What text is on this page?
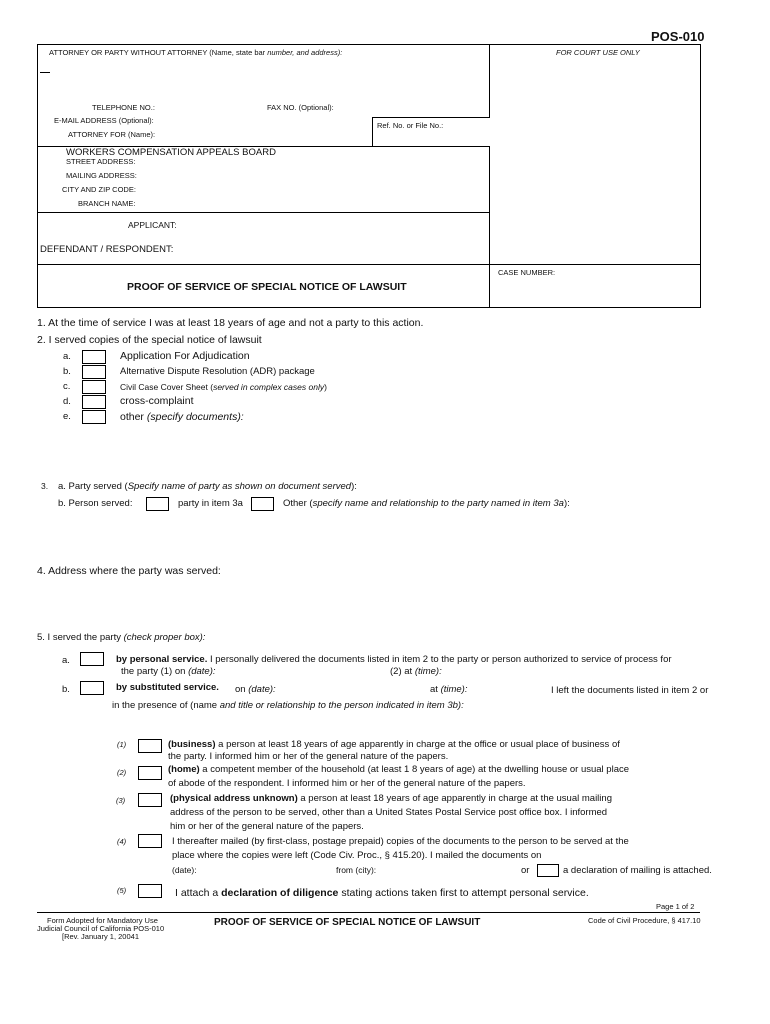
POS-010
ATTORNEY OR PARTY WITHOUT ATTORNEY (Name, state bar number, and address):	FOR COURT USE ONLY
TELEPHONE NO.:	FAX NO. (Optional):
E-MAIL ADDRESS (Optional):
Ref. No. or File No.:
ATTORNEY FOR (Name):
WORKERS COMPENSATION APPEALS BOARD
STREET ADDRESS:
MAILING ADDRESS:
CITY AND ZIP CODE:
BRANCH NAME:
APPLICANT:
DEFENDANT / RESPONDENT:
CASE NUMBER:
PROOF OF SERVICE OF SPECIAL NOTICE OF LAWSUIT
1. At the time of service I was at least 18 years of age and not a party to this action.
2. I served copies of the special notice of lawsuit
a.	Application For Adjudication
b.	Alternative Dispute Resolution (ADR) package
c.	Civil Case Cover Sheet (served in complex cases only)
d.	cross-complaint
e.	other (specify documents):
3. a. Party served (Specify name of party as shown on document served):
b. Person served:	party in item 3a	Other (specify name and relationship to the party named in item 3a):
4. Address where the party was served:
5. I served the party (check proper box):
a.	by personal service. I personally delivered the documents listed in item 2 to the party or person authorized to service of process for
the party (1) on (date):	(2) at (time):
b.	by substituted service. on (date):	at (time):	I left the documents listed in item 2 or
in the presence of (name and title or relationship to the person indicated in item 3b):
(1)	(business) a person at least 18 years of age apparently in charge at the office or usual place of business of
the party. I informed him or her of the general nature of the papers.
(2)	(home) a competent member of the household (at least 1 8 years of age) at the dwelling house or usual place
of abode of the respondent. I informed him or her of the general nature of the papers.
(3)	(physical address unknown) a person at least 18 years of age apparently in charge at the usual mailing
address of the person to be served, other than a United States Postal Service post office box. I informed
him or her of the general nature of the papers.
(4)	I thereafter mailed (by first-class, postage prepaid) copies of the documents to the person to be served at the
place where the copies were left (Code Civ. Proc., § 415.20). I mailed the documents on
(date):	from (city):	or	a declaration of mailing is attached.
(5)	I attach a declaration of diligence stating actions taken first to attempt personal service.
Page 1 of 2
Form Adopted for Mandatory Use
Judicial Council of California POS-010
[Rev. January 1, 20041
PROOF OF SERVICE OF SPECIAL NOTICE OF LAWSUIT	Code of Civil Procedure, § 417.10
